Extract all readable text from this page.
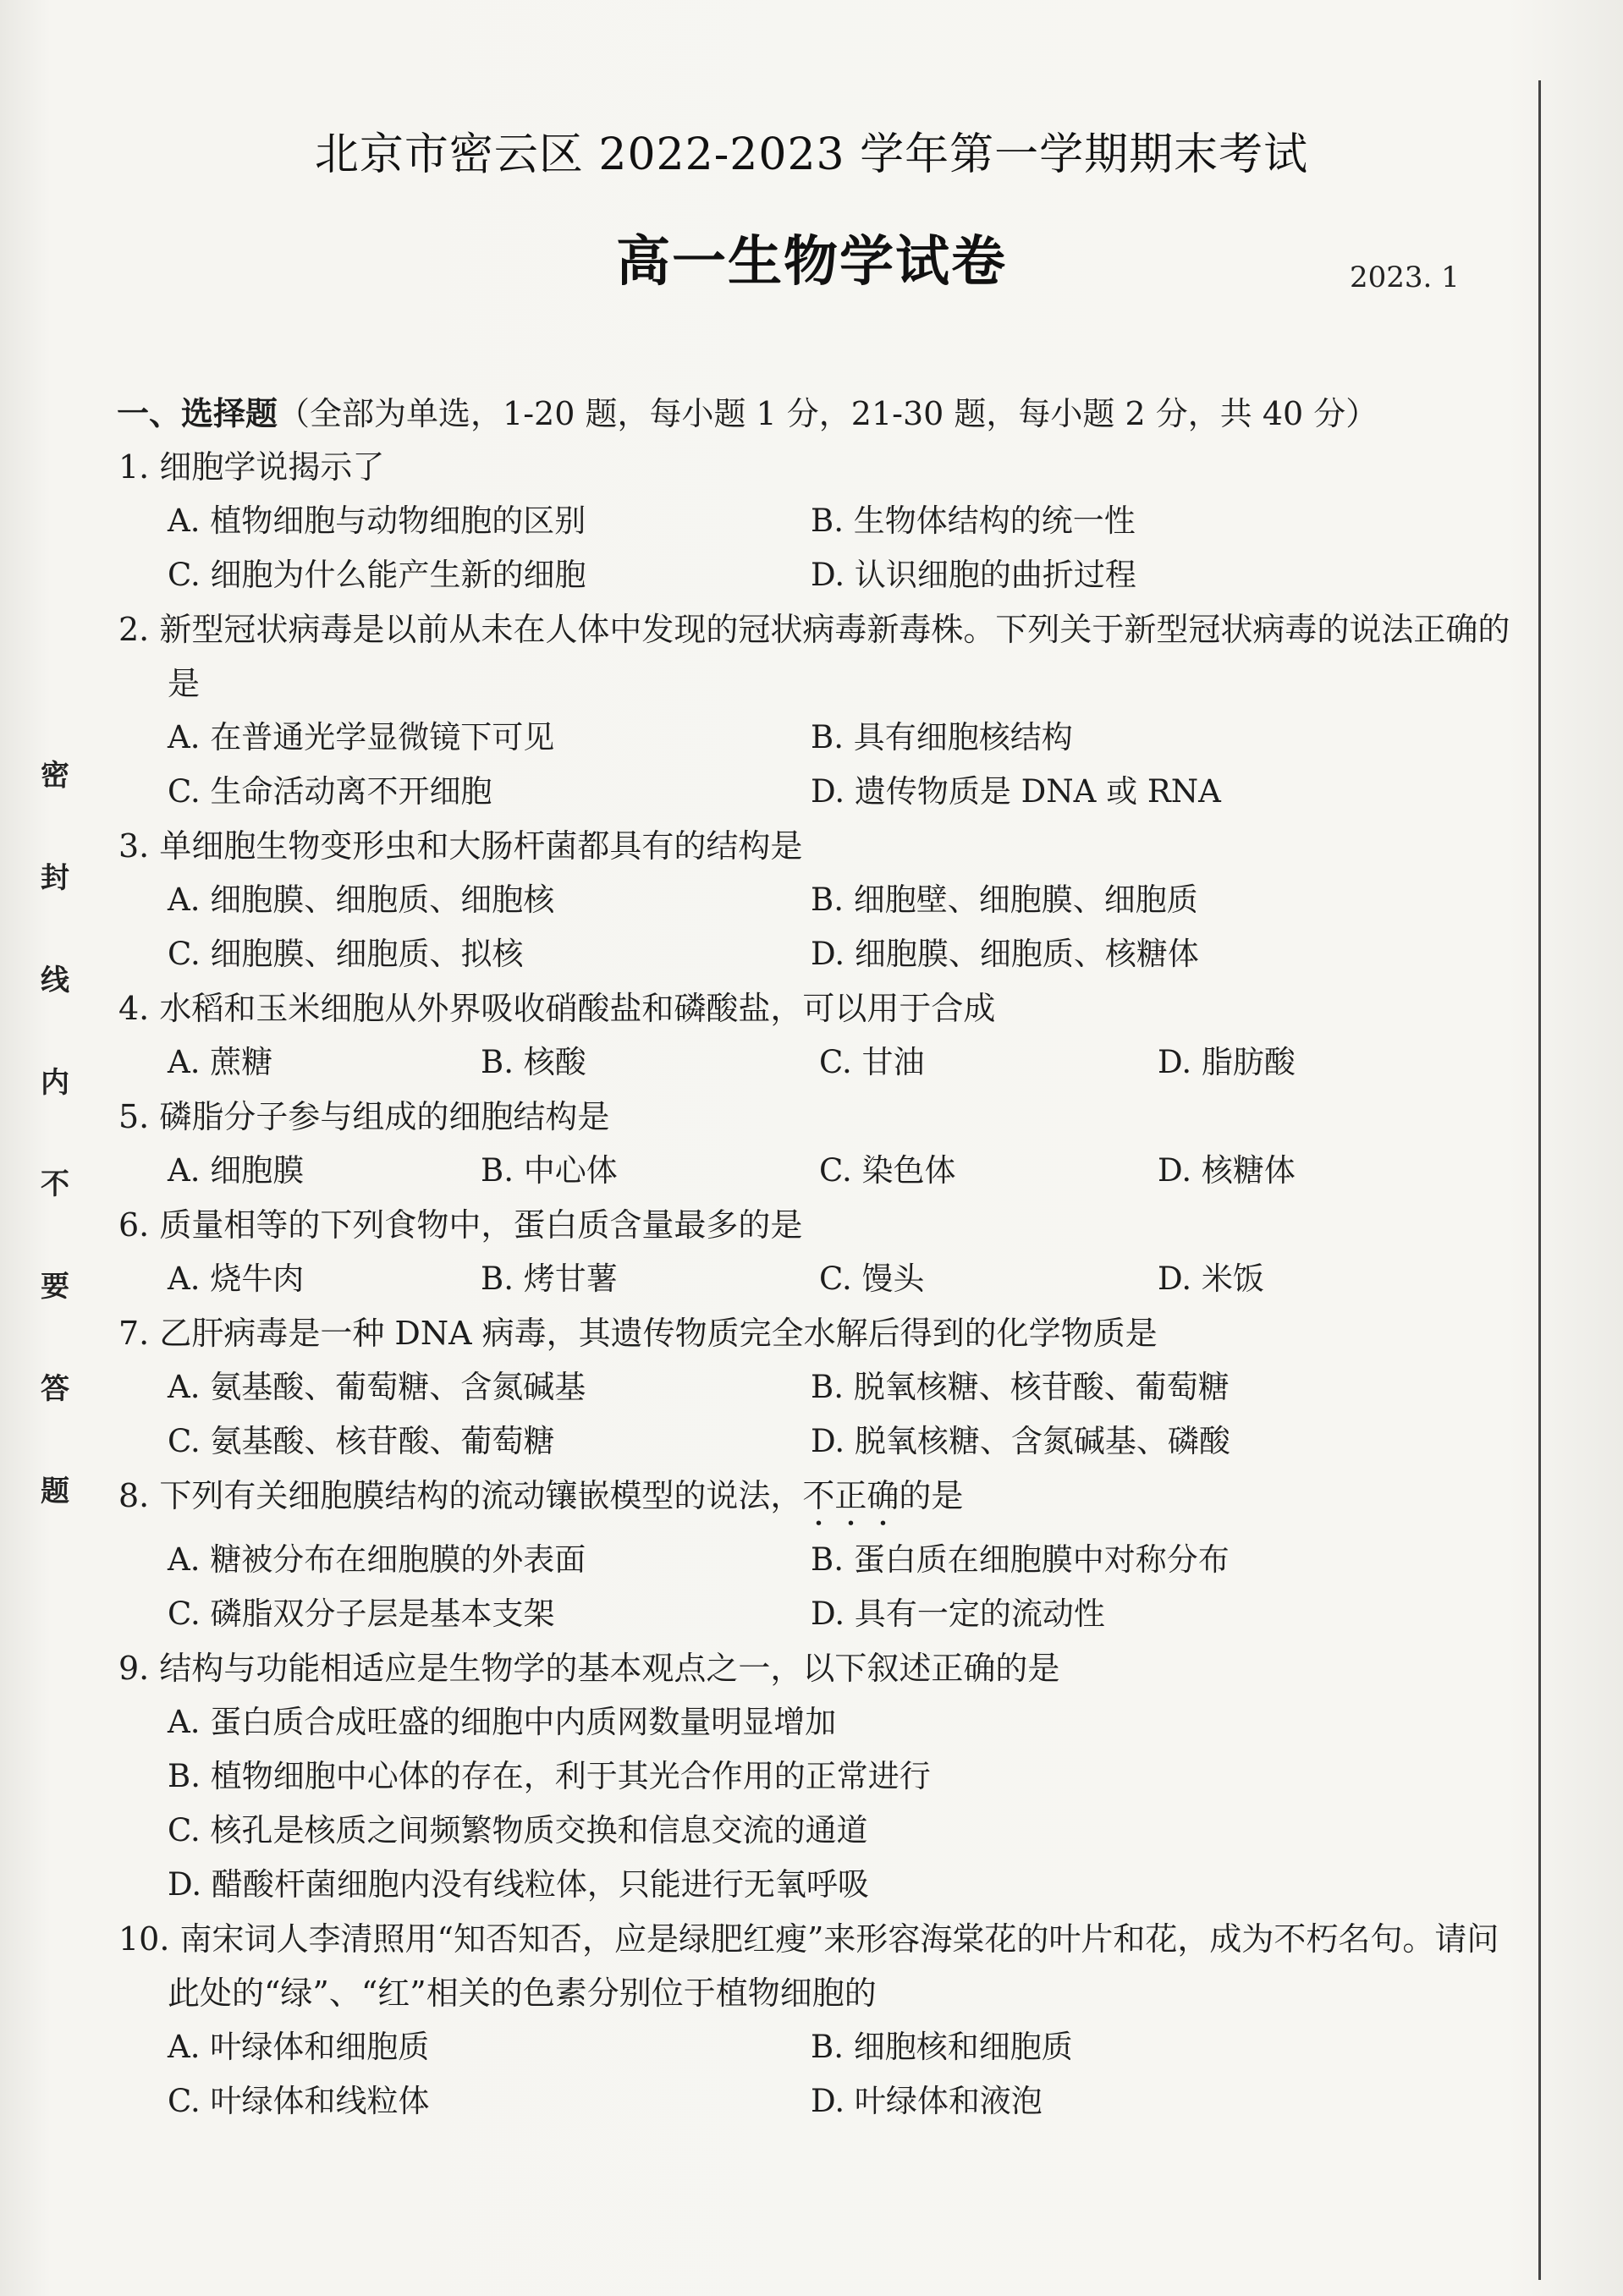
密
封
线
内
不
要
答
题
北京市密云区 2022-2023 学年第一学期期末考试
高一生物学试卷	2023. 1
一、选择题（全部为单选，1-20 题，每小题 1 分，21-30 题，每小题 2 分，共 40 分）
1. 细胞学说揭示了
A. 植物细胞与动物细胞的区别	B. 生物体结构的统一性
C. 细胞为什么能产生新的细胞	D. 认识细胞的曲折过程
2. 新型冠状病毒是以前从未在人体中发现的冠状病毒新毒株。下列关于新型冠状病毒的说法正确的是
A. 在普通光学显微镜下可见	B. 具有细胞核结构
C. 生命活动离不开细胞	D. 遗传物质是 DNA 或 RNA
3. 单细胞生物变形虫和大肠杆菌都具有的结构是
A. 细胞膜、细胞质、细胞核	B. 细胞壁、细胞膜、细胞质
C. 细胞膜、细胞质、拟核	D. 细胞膜、细胞质、核糖体
4. 水稻和玉米细胞从外界吸收硝酸盐和磷酸盐，可以用于合成
A. 蔗糖	B. 核酸	C. 甘油	D. 脂肪酸
5. 磷脂分子参与组成的细胞结构是
A. 细胞膜	B. 中心体	C. 染色体	D. 核糖体
6. 质量相等的下列食物中，蛋白质含量最多的是
A. 烧牛肉	B. 烤甘薯	C. 馒头	D. 米饭
7. 乙肝病毒是一种 DNA 病毒，其遗传物质完全水解后得到的化学物质是
A. 氨基酸、葡萄糖、含氮碱基	B. 脱氧核糖、核苷酸、葡萄糖
C. 氨基酸、核苷酸、葡萄糖	D. 脱氧核糖、含氮碱基、磷酸
8. 下列有关细胞膜结构的流动镶嵌模型的说法，不正确的是
A. 糖被分布在细胞膜的外表面	B. 蛋白质在细胞膜中对称分布
C. 磷脂双分子层是基本支架	D. 具有一定的流动性
9. 结构与功能相适应是生物学的基本观点之一，以下叙述正确的是
A. 蛋白质合成旺盛的细胞中内质网数量明显增加
B. 植物细胞中心体的存在，利于其光合作用的正常进行
C. 核孔是核质之间频繁物质交换和信息交流的通道
D. 醋酸杆菌细胞内没有线粒体，只能进行无氧呼吸
10. 南宋词人李清照用“知否知否，应是绿肥红瘦”来形容海棠花的叶片和花，成为不朽名句。请问此处的“绿”、“红”相关的色素分别位于植物细胞的
A. 叶绿体和细胞质	B. 细胞核和细胞质
C. 叶绿体和线粒体	D. 叶绿体和液泡
